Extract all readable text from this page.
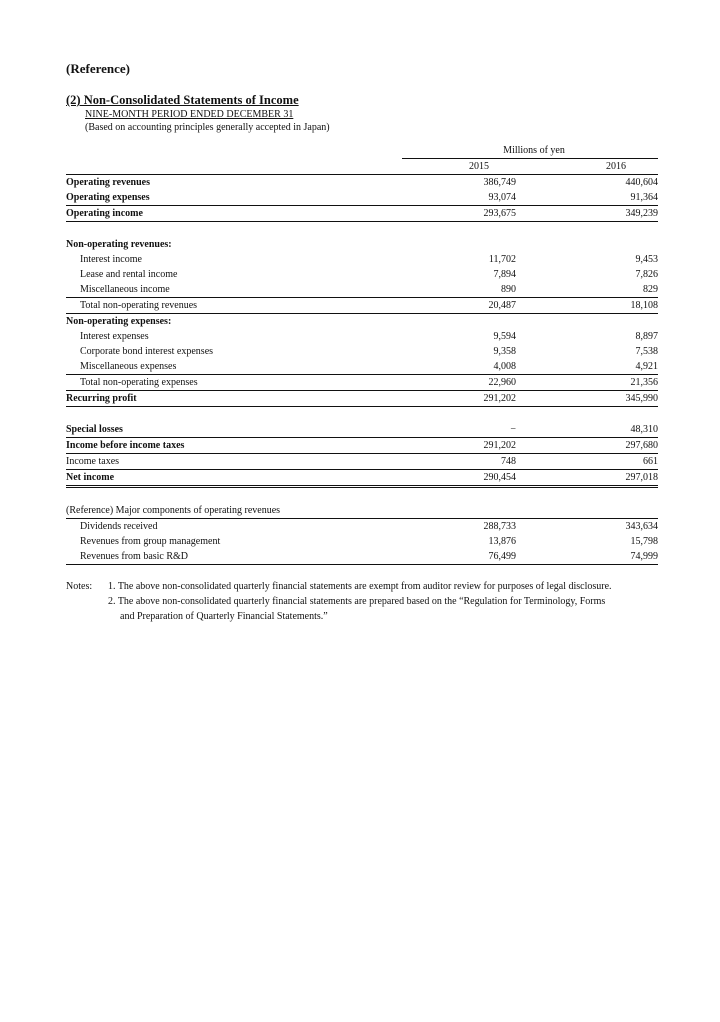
(Reference)
(2) Non-Consolidated Statements of Income
NINE-MONTH PERIOD ENDED DECEMBER 31
(Based on accounting principles generally accepted in Japan)
	Millions of yen		
	2015		2016
Operating revenues	386,749		440,604
Operating expenses	93,074		91,364
Operating income	293,675		349,239

Non-operating revenues:			
Interest income	11,702		9,453
Lease and rental income	7,894		7,826
Miscellaneous income	890		829
Total non-operating revenues	20,487		18,108
Non-operating expenses:			
Interest expenses	9,594		8,897
Corporate bond interest expenses	9,358		7,538
Miscellaneous expenses	4,008		4,921
Total non-operating expenses	22,960		21,356
Recurring profit	291,202		345,990

Special losses	−		48,310
Income before income taxes	291,202		297,680
Income taxes	748		661
Net income	290,454		297,018

(Reference) Major components of operating revenues			
Dividends received	288,733		343,634
Revenues from group management	13,876		15,798
Revenues from basic R&D	76,499		74,999
Notes:	1. The above non-consolidated quarterly financial statements are exempt from auditor review for purposes of legal disclosure.
2. The above non-consolidated quarterly financial statements are prepared based on the “Regulation for Terminology, Forms
and Preparation of Quarterly Financial Statements.”
